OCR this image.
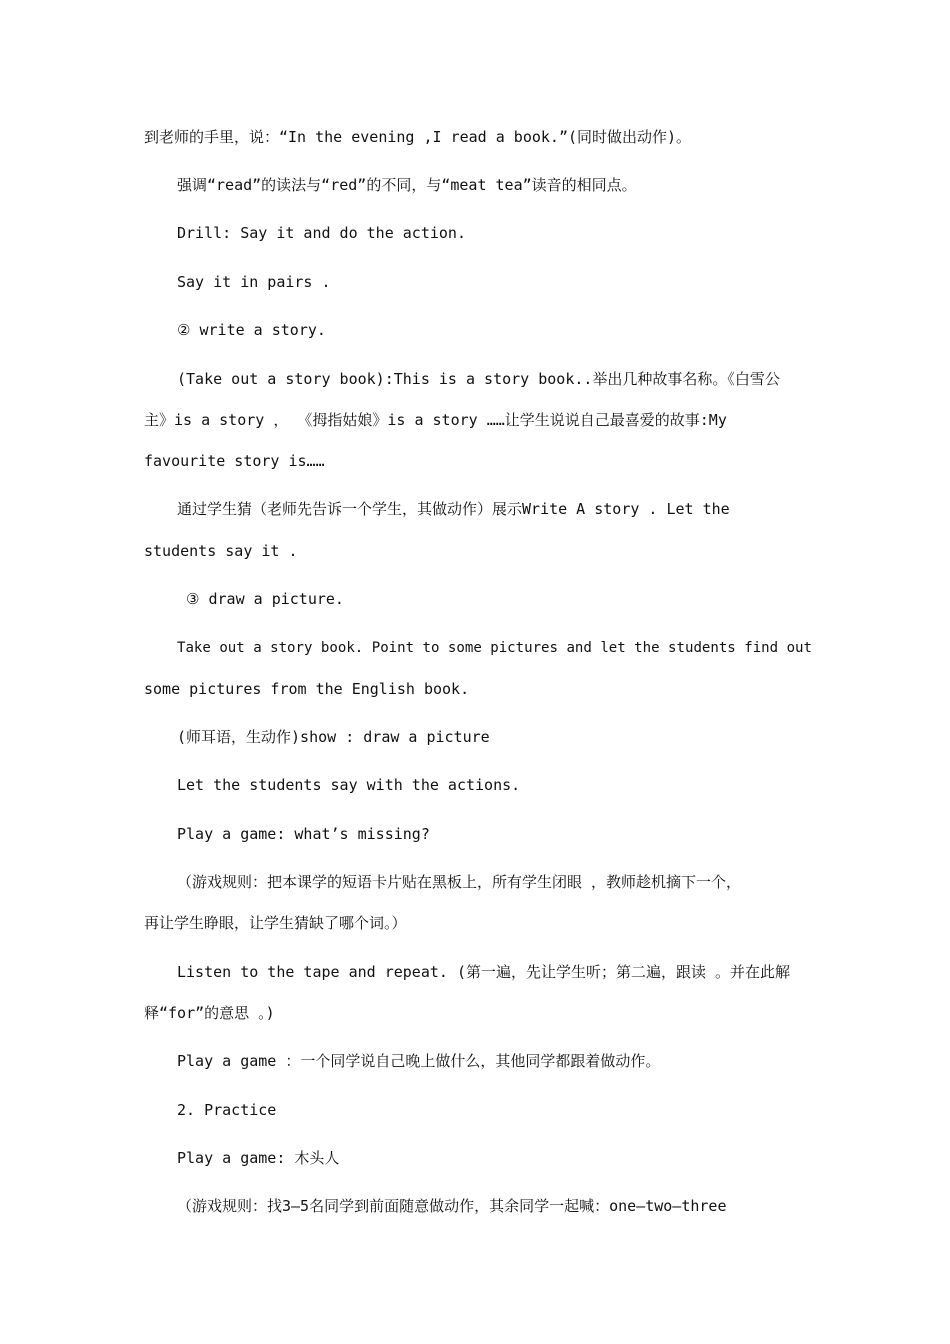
到老师的手里，说：“In the evening ,I read a book.”(同时做出动作)。
强调“read”的读法与“red”的不同，与“meat tea”读音的相同点。
Drill: Say it and do the action.
Say it in pairs .
② write a story.
(Take out a story book):This is a story book..举出几种故事名称。《白雪公
主》is a story ， 《拇指姑娘》is a story ……让学生说说自己最喜爱的故事:My
favourite story is……
通过学生猜（老师先告诉一个学生，其做动作）展示Write A story . Let the
students say it .
③ draw a picture.
Take out a story book. Point to some pictures and let the students find out
some pictures from the English book.
(师耳语，生动作)show : draw a picture
Let the students say with the actions.
Play a game: what’s missing?
（游戏规则：把本课学的短语卡片贴在黑板上，所有学生闭眼 ，教师趁机摘下一个，
再让学生睁眼，让学生猜缺了哪个词。）
Listen to the tape and repeat. (第一遍，先让学生听；第二遍，跟读 。并在此解
释“for”的意思 。)
Play a game ：一个同学说自己晚上做什么，其他同学都跟着做动作。
2. Practice
Play a game: 木头人
（游戏规则：找3—5名同学到前面随意做动作，其余同学一起喊：one—two—three
